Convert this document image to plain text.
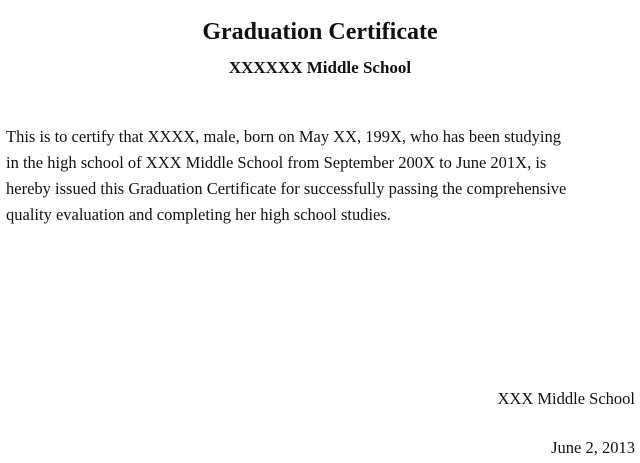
Graduation Certificate
XXXXXX Middle School

This is to certify that XXXX, male, born on May XX, 199X, who has been studying
in the high school of XXX Middle School from September 200X to June 201X, is
hereby issued this Graduation Certificate for successfully passing the comprehensive
quality evaluation and completing her high school studies.

XXX Middle School
June 2, 2013
